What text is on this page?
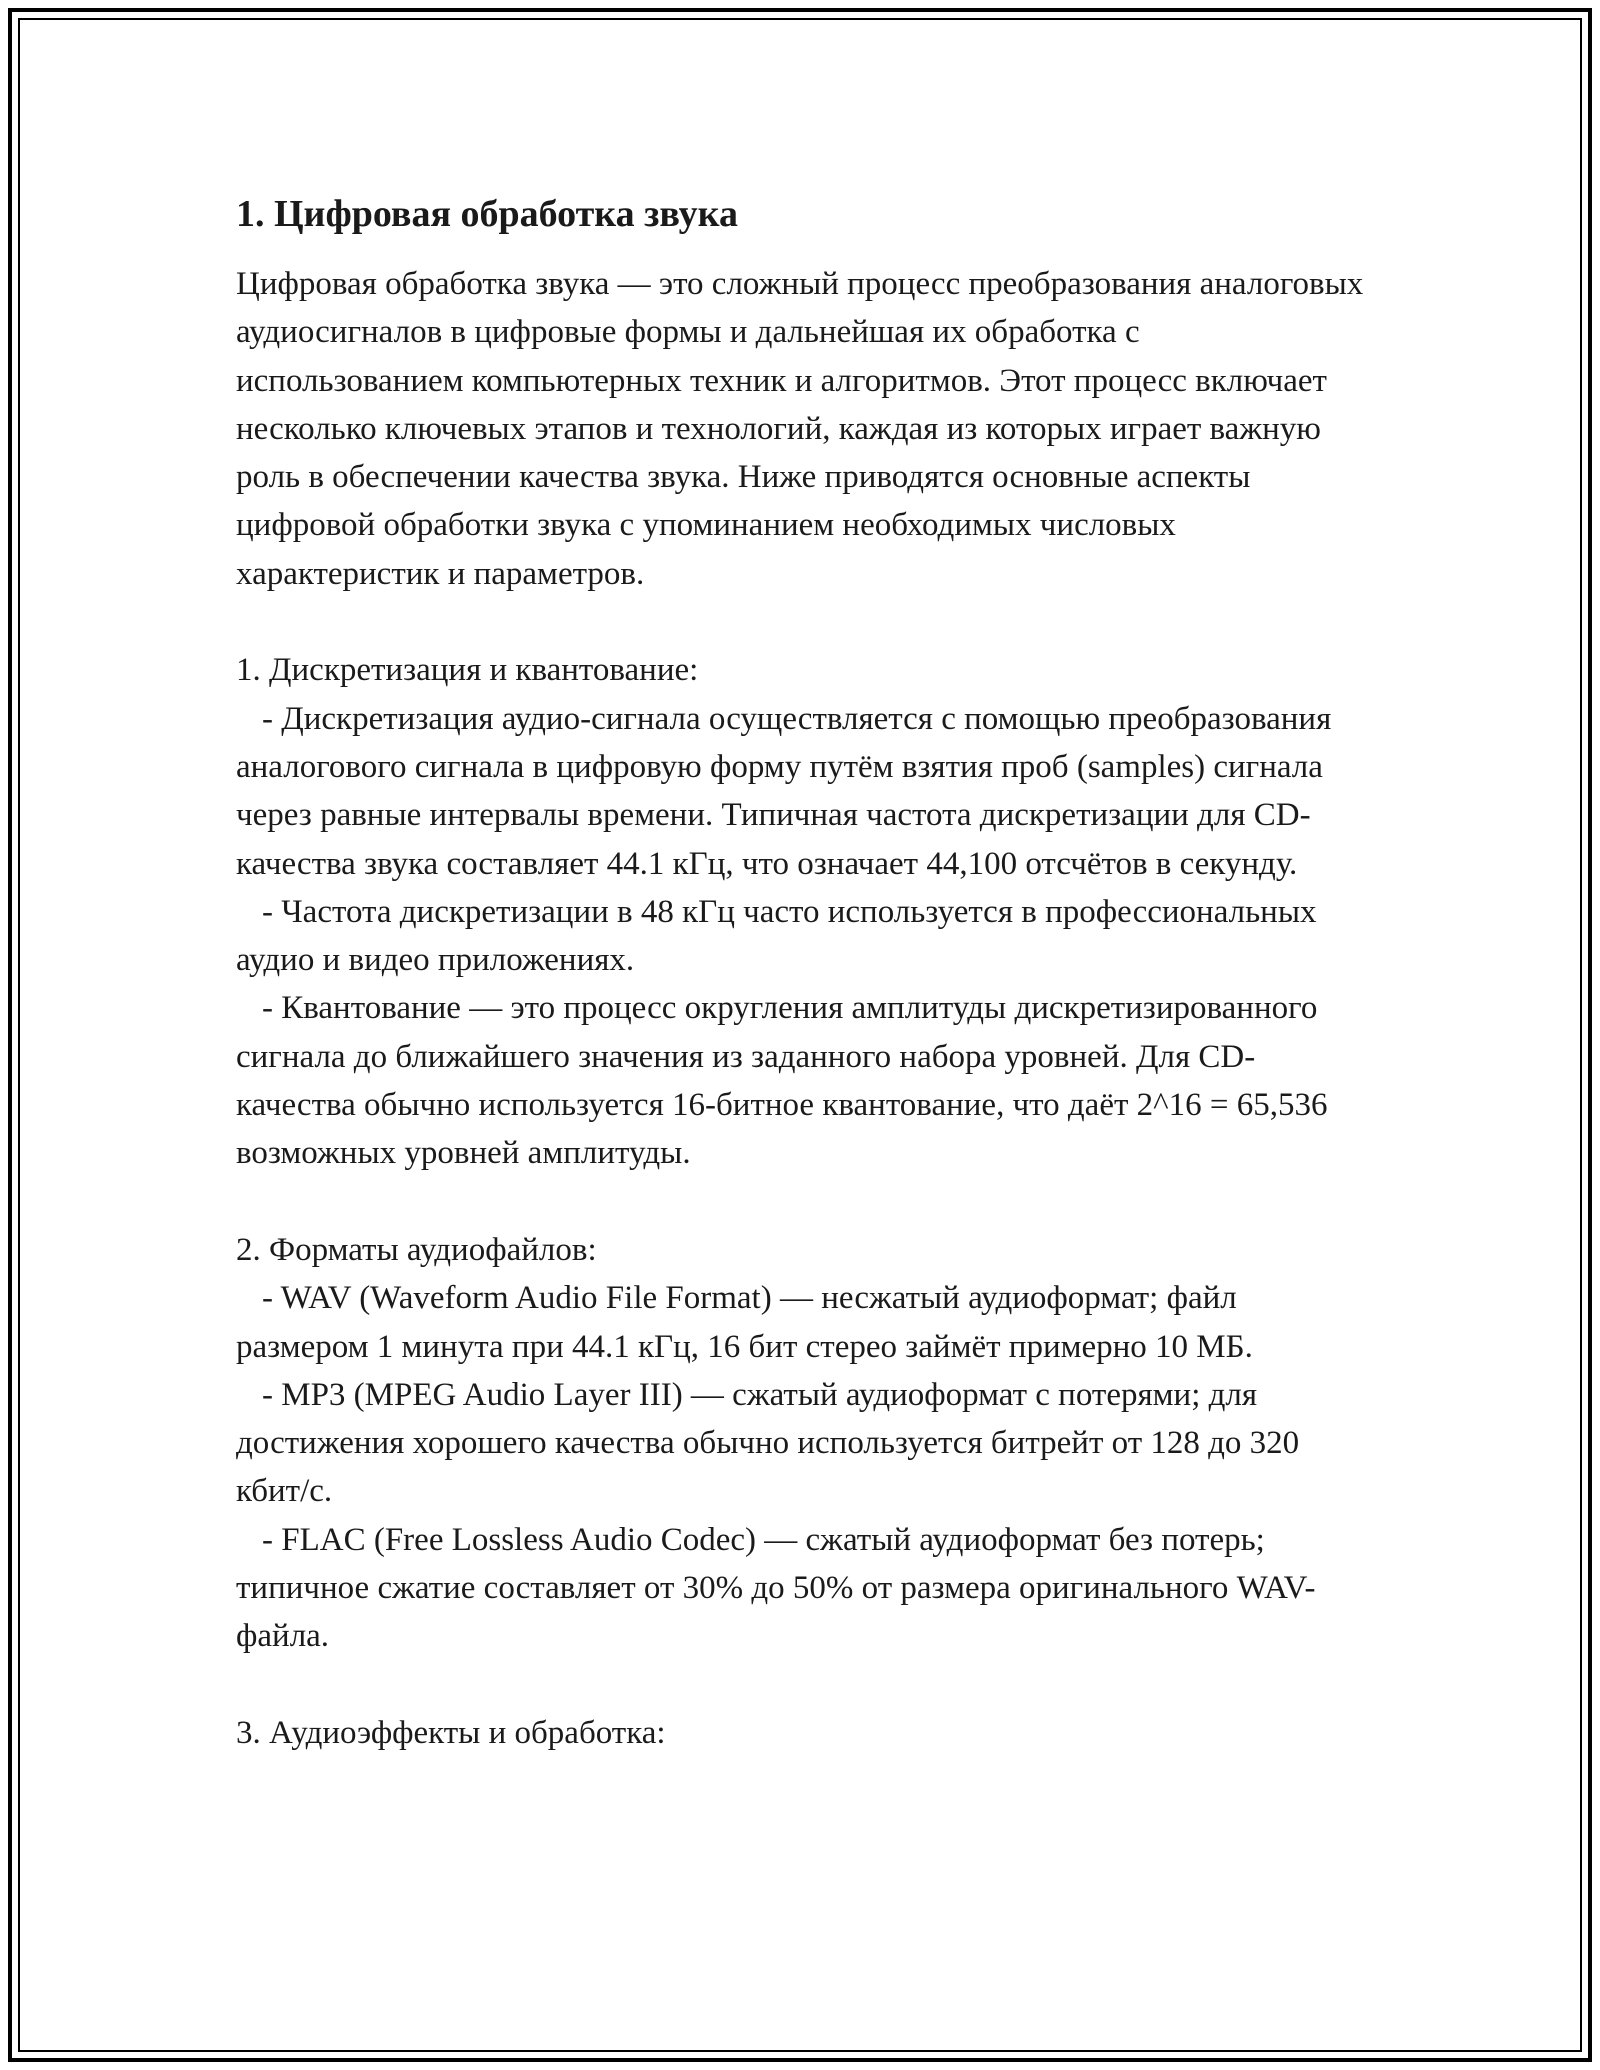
1. Цифровая обработка звука

Цифровая обработка звука — это сложный процесс преобразования аналоговых аудиосигналов в цифровые формы и дальнейшая их обработка с использованием компьютерных техник и алгоритмов. Этот процесс включает несколько ключевых этапов и технологий, каждая из которых играет важную роль в обеспечении качества звука. Ниже приводятся основные аспекты цифровой обработки звука с упоминанием необходимых числовых характеристик и параметров.

1. Дискретизация и квантование:

- Дискретизация аудио-сигнала осуществляется с помощью преобразования аналогового сигнала в цифровую форму путём взятия проб (samples) сигнала через равные интервалы времени. Типичная частота дискретизации для CD-качества звука составляет 44.1 кГц, что означает 44,100 отсчётов в секунду.

- Частота дискретизации в 48 кГц часто используется в профессиональных аудио и видео приложениях.

- Квантование — это процесс округления амплитуды дискретизированного сигнала до ближайшего значения из заданного набора уровней. Для CD-качества обычно используется 16-битное квантование, что даёт 2^16 = 65,536 возможных уровней амплитуды.

2. Форматы аудиофайлов:

- WAV (Waveform Audio File Format) — несжатый аудиоформат; файл размером 1 минута при 44.1 кГц, 16 бит стерео займёт примерно 10 МБ.

- MP3 (MPEG Audio Layer III) — сжатый аудиоформат с потерями; для достижения хорошего качества обычно используется битрейт от 128 до 320 кбит/с.

- FLAC (Free Lossless Audio Codec) — сжатый аудиоформат без потерь; типичное сжатие составляет от 30% до 50% от размера оригинального WAV-файла.

3. Аудиоэффекты и обработка:
